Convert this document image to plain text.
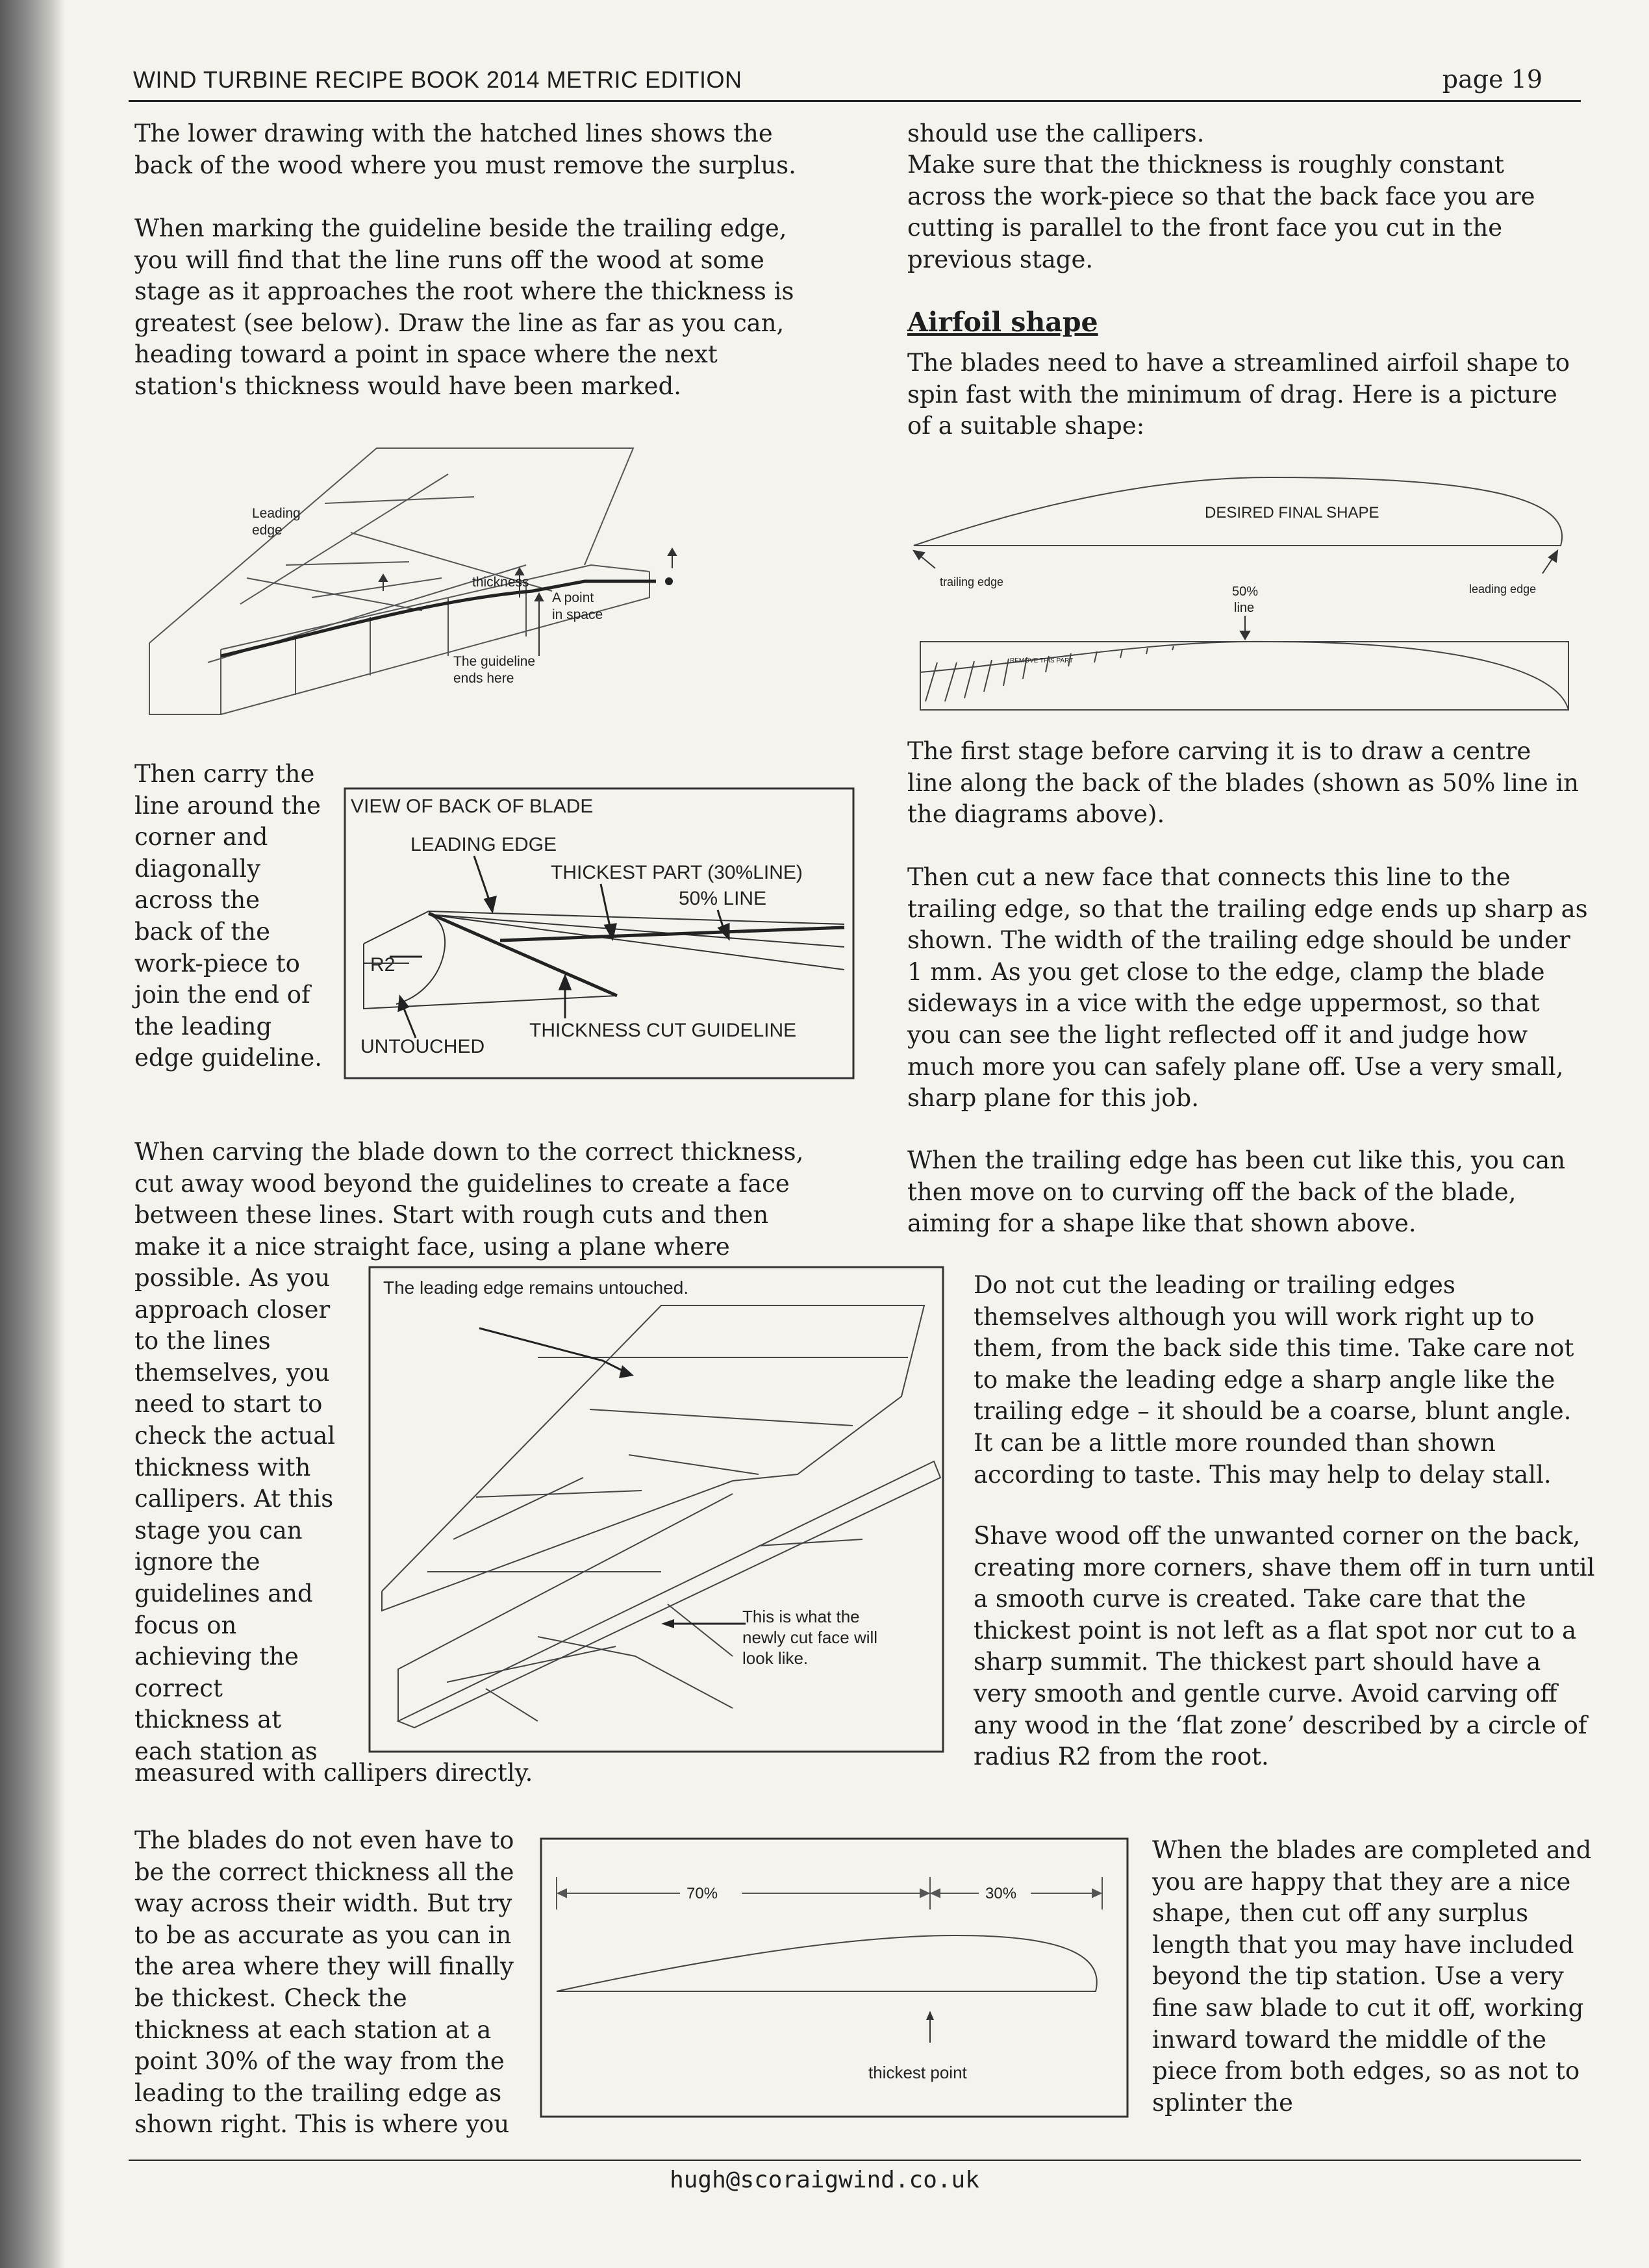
WIND TURBINE RECIPE BOOK 2014 METRIC EDITION	page 19

The lower drawing with the hatched lines shows the back of the wood where you must remove the surplus.

When marking the guideline beside the trailing edge, you will find that the line runs off the wood at some stage as it approaches the root where the thickness is greatest (see below). Draw the line as far as you can, heading toward a point in space where the next station's thickness would have been marked.

Leading
edge
thickness
A point
in space
The guideline
ends here

Then carry the line around the corner and diagonally across the back of the work-piece to join the end of the leading edge guideline.

VIEW OF BACK OF BLADE
LEADING EDGE
THICKEST PART (30%LINE)
50% LINE
R2
UNTOUCHED
THICKNESS CUT GUIDELINE

When carving the blade down to the correct thickness, cut away wood beyond the guidelines to create a face between these lines. Start with rough cuts and then make it a nice straight face, using a plane where

possible. As you approach closer to the lines themselves, you need to start to check the actual thickness with callipers. At this stage you can ignore the guidelines and focus on achieving the correct thickness at each station as

measured with callipers directly.

The leading edge remains untouched.
This is what the
newly cut face will
look like.

The blades do not even have to be the correct thickness all the way across their width. But try to be as accurate as you can in the area where they will finally be thickest. Check the thickness at each station at a point 30% of the way from the leading to the trailing edge as shown right. This is where you

70%	30%
thickest point

should use the callipers.

Make sure that the thickness is roughly constant across the work-piece so that the back face you are cutting is parallel to the front face you cut in the previous stage.

Airfoil shape

The blades need to have a streamlined airfoil shape to spin fast with the minimum of drag. Here is a picture of a suitable shape:

DESIRED FINAL SHAPE
trailing edge
leading edge
50%
line
REMOVE THIS PART

The first stage before carving it is to draw a centre line along the back of the blades (shown as 50% line in the diagrams above).

Then cut a new face that connects this line to the trailing edge, so that the trailing edge ends up sharp as shown. The width of the trailing edge should be under 1 mm. As you get close to the edge, clamp the blade sideways in a vice with the edge uppermost, so that you can see the light reflected off it and judge how much more you can safely plane off. Use a very small, sharp plane for this job.

When the trailing edge has been cut like this, you can then move on to curving off the back of the blade, aiming for a shape like that shown above.

Do not cut the leading or trailing edges themselves although you will work right up to them, from the back side this time. Take care not to make the leading edge a sharp angle like the trailing edge – it should be a coarse, blunt angle. It can be a little more rounded than shown according to taste. This may help to delay stall.

Shave wood off the unwanted corner on the back, creating more corners, shave them off in turn until a smooth curve is created. Take care that the thickest point is not left as a flat spot nor cut to a sharp summit. The thickest part should have a very smooth and gentle curve. Avoid carving off any wood in the ‘flat zone’ described by a circle of radius R2 from the root.

When the blades are completed and you are happy that they are a nice shape, then cut off any surplus length that you may have included beyond the tip station. Use a very fine saw blade to cut it off, working inward toward the middle of the piece from both edges, so as not to splinter the

hugh@scoraigwind.co.uk
